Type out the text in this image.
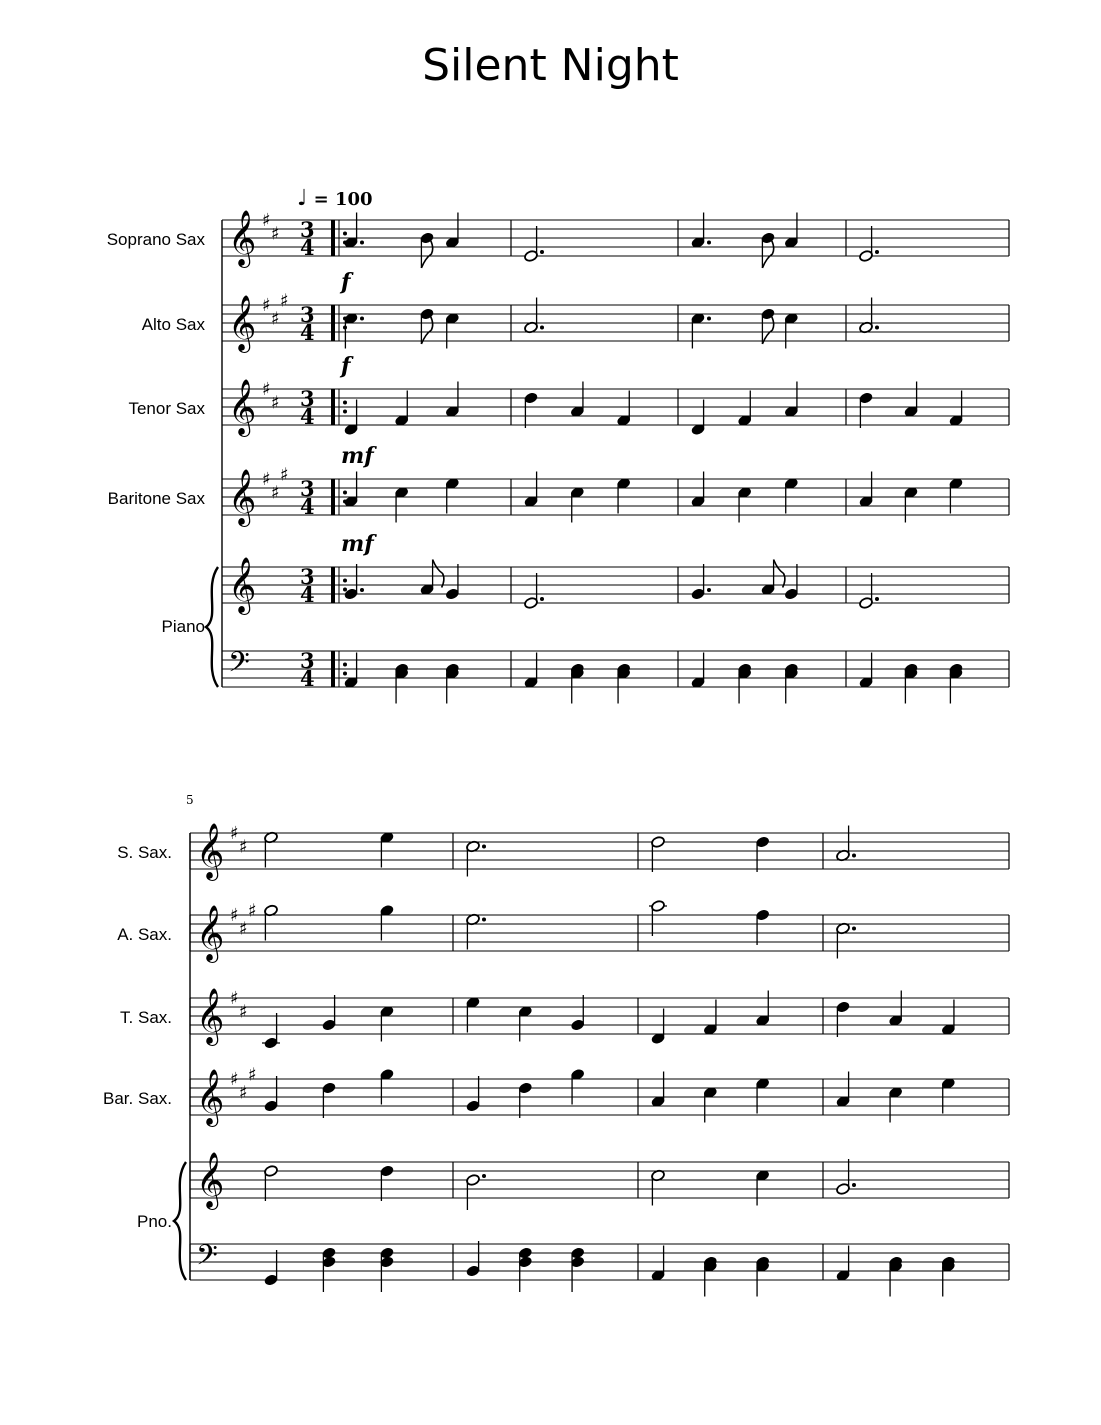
Silent Night
𝄞 ♯
♯ 3
4
𝄞 ♯
♯
♯
3
4
𝄞 ♯
♯ 3
4
𝄞 ♯
♯
♯
3
4
𝄞 3
4
𝄢 3
4
𝄞 ♯
♯
𝄞 ♯
♯
♯
𝄞 ♯
♯
𝄞 ♯
♯
♯
𝄞
𝄢
Soprano Sax
Alto Sax
f
Tenor Sax
f
Baritone Sax
mf
Piano
mf
5
S. Sax.
A. Sax.
T. Sax.
Bar. Sax.
Pno.
♩ = 100
